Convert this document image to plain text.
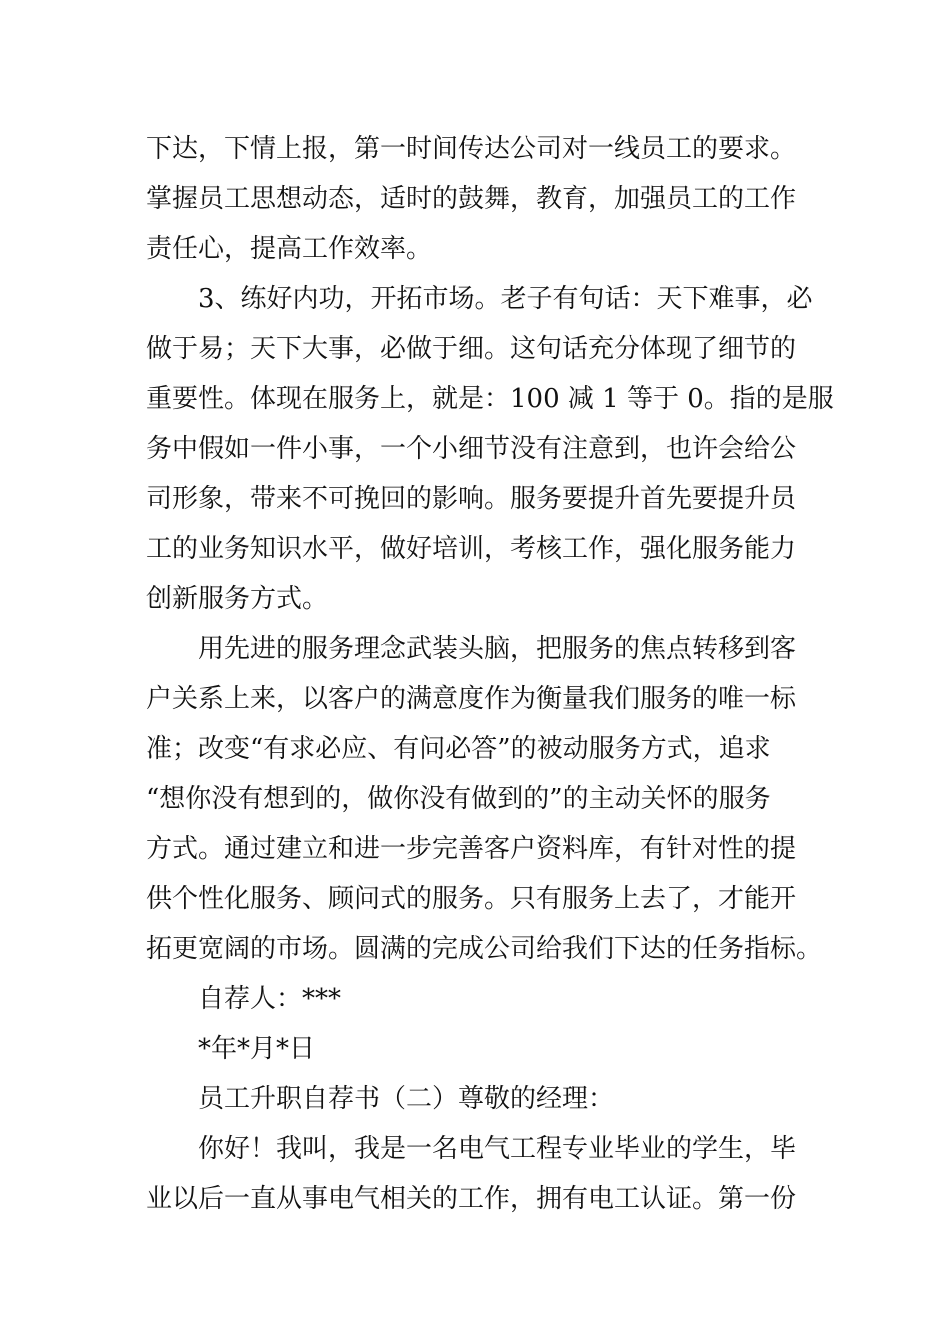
下达，下情上报，第一时间传达公司对一线员工的要求。
掌握员工思想动态，适时的鼓舞，教育，加强员工的工作
责任心，提高工作效率。
3、练好内功，开拓市场。老子有句话：天下难事，必
做于易；天下大事，必做于细。这句话充分体现了细节的
重要性。体现在服务上，就是：100 减 1 等于 0。指的是服
务中假如一件小事，一个小细节没有注意到，也许会给公
司形象，带来不可挽回的影响。服务要提升首先要提升员
工的业务知识水平，做好培训，考核工作，强化服务能力
创新服务方式。
用先进的服务理念武装头脑，把服务的焦点转移到客
户关系上来，以客户的满意度作为衡量我们服务的唯一标
准；改变“有求必应、有问必答”的被动服务方式，追求
“想你没有想到的，做你没有做到的”的主动关怀的服务
方式。通过建立和进一步完善客户资料库，有针对性的提
供个性化服务、顾问式的服务。只有服务上去了，才能开
拓更宽阔的市场。圆满的完成公司给我们下达的任务指标。
自荐人：***
*年*月*日
员工升职自荐书（二）尊敬的经理：
你好！我叫，我是一名电气工程专业毕业的学生，毕
业以后一直从事电气相关的工作，拥有电工认证。第一份
